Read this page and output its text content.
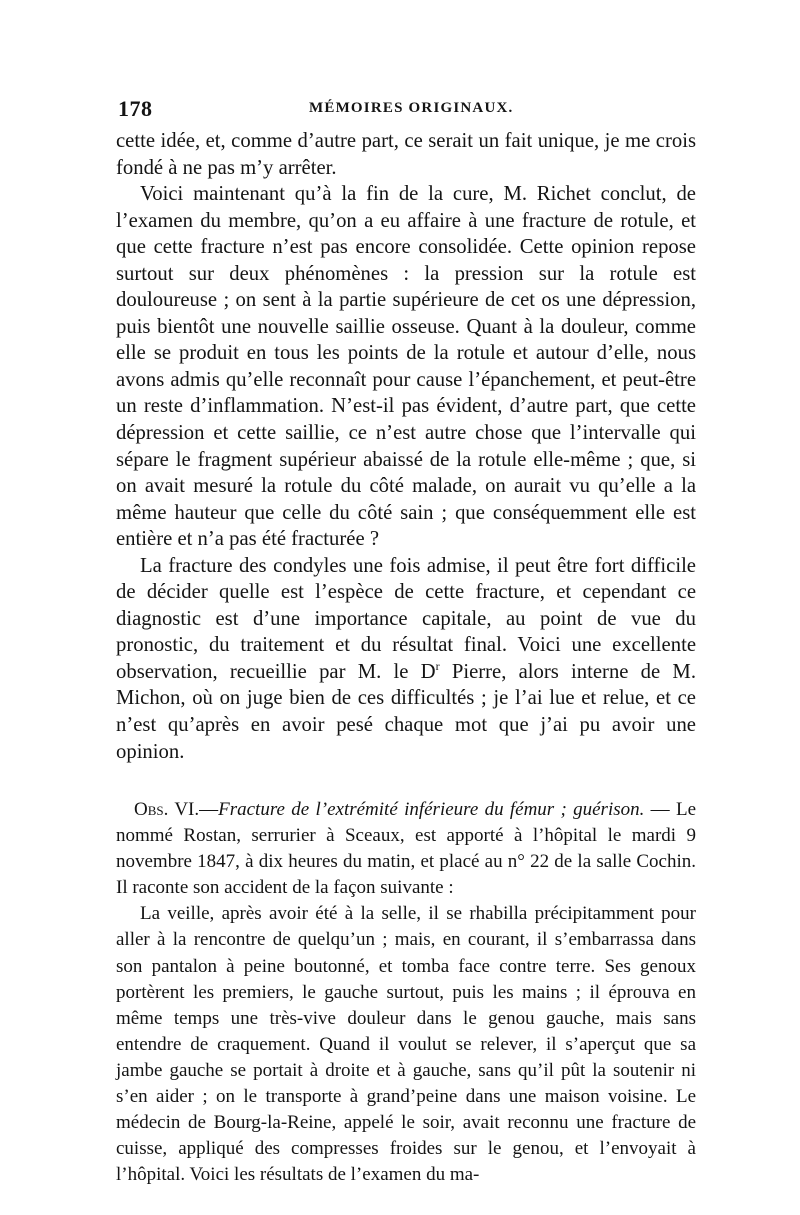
178	MÉMOIRES ORIGINAUX.

cette idée, et, comme d’autre part, ce serait un fait unique, je me crois fondé à ne pas m’y arrêter.

Voici maintenant qu’à la fin de la cure, M. Richet conclut, de l’examen du membre, qu’on a eu affaire à une fracture de rotule, et que cette fracture n’est pas encore consolidée. Cette opinion repose surtout sur deux phénomènes : la pression sur la rotule est douloureuse ; on sent à la partie supérieure de cet os une dépression, puis bientôt une nouvelle saillie osseuse. Quant à la douleur, comme elle se produit en tous les points de la rotule et autour d’elle, nous avons admis qu’elle reconnaît pour cause l’épanchement, et peut-être un reste d’inflammation. N’est-il pas évident, d’autre part, que cette dépression et cette saillie, ce n’est autre chose que l’intervalle qui sépare le fragment supérieur abaissé de la rotule elle-même ; que, si on avait mesuré la rotule du côté malade, on aurait vu qu’elle a la même hauteur que celle du côté sain ; que conséquemment elle est entière et n’a pas été fracturée ?

La fracture des condyles une fois admise, il peut être fort difficile de décider quelle est l’espèce de cette fracture, et cependant ce diagnostic est d’une importance capitale, au point de vue du pronostic, du traitement et du résultat final. Voici une excellente observation, recueillie par M. le $D^r$ Pierre, alors interne de M. Michon, où on juge bien de ces difficultés ; je l’ai lue et relue, et ce n’est qu’après en avoir pesé chaque mot que j’ai pu avoir une opinion.

Obs. VI.—Fracture de l’extrémité inférieure du fémur ; guérison. — Le nommé Rostan, serrurier à Sceaux, est apporté à l’hôpital le mardi 9 novembre 1847, à dix heures du matin, et placé au n° 22 de la salle Cochin. Il raconte son accident de la façon suivante :

La veille, après avoir été à la selle, il se rhabilla précipitamment pour aller à la rencontre de quelqu’un ; mais, en courant, il s’embarrassa dans son pantalon à peine boutonné, et tomba face contre terre. Ses genoux portèrent les premiers, le gauche surtout, puis les mains ; il éprouva en même temps une très-vive douleur dans le genou gauche, mais sans entendre de craquement. Quand il voulut se relever, il s’aperçut que sa jambe gauche se portait à droite et à gauche, sans qu’il pût la soutenir ni s’en aider ; on le transporte à grand’peine dans une maison voisine. Le médecin de Bourg-la-Reine, appelé le soir, avait reconnu une fracture de cuisse, appliqué des compresses froides sur le genou, et l’envoyait à l’hôpital. Voici les résultats de l’examen du ma-
